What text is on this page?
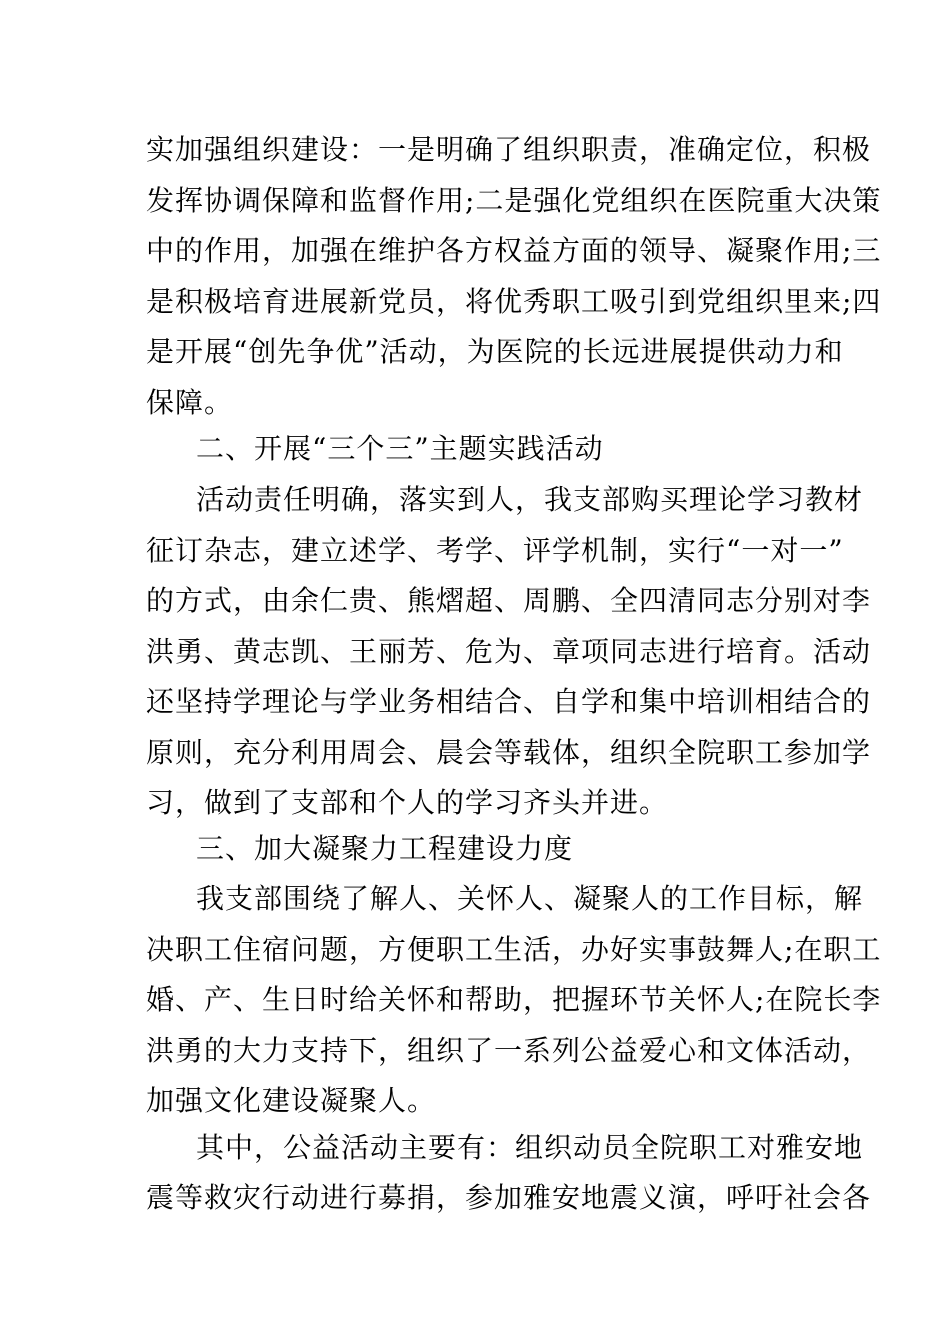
实加强组织建设：一是明确了组织职责，准确定位，积极
发挥协调保障和监督作用;二是强化党组织在医院重大决策
中的作用，加强在维护各方权益方面的领导、凝聚作用;三
是积极培育进展新党员，将优秀职工吸引到党组织里来;四
是开展“创先争优”活动，为医院的长远进展提供动力和
保障。
二、开展“三个三”主题实践活动
活动责任明确，落实到人，我支部购买理论学习教材
征订杂志，建立述学、考学、评学机制，实行“一对一”
的方式，由余仁贵、熊熠超、周鹏、全四清同志分别对李
洪勇、黄志凯、王丽芳、危为、章项同志进行培育。活动
还坚持学理论与学业务相结合、自学和集中培训相结合的
原则，充分利用周会、晨会等载体，组织全院职工参加学
习，做到了支部和个人的学习齐头并进。
三、加大凝聚力工程建设力度
我支部围绕了解人、关怀人、凝聚人的工作目标，解
决职工住宿问题，方便职工生活，办好实事鼓舞人;在职工
婚、产、生日时给关怀和帮助，把握环节关怀人;在院长李
洪勇的大力支持下，组织了一系列公益爱心和文体活动，
加强文化建设凝聚人。
其中，公益活动主要有：组织动员全院职工对雅安地
震等救灾行动进行募捐，参加雅安地震义演，呼吁社会各
